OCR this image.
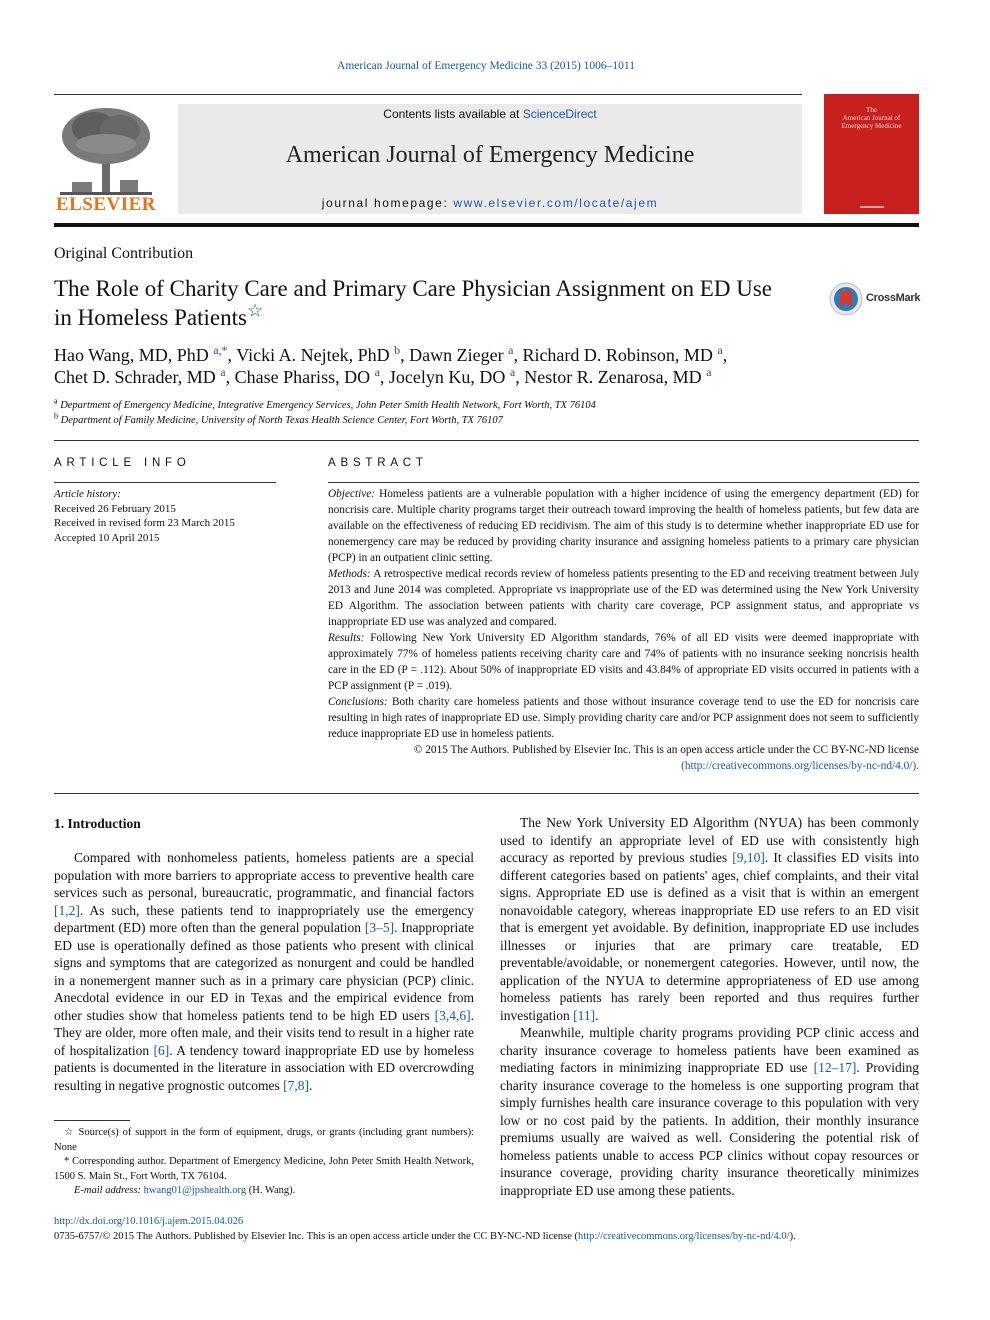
American Journal of Emergency Medicine 33 (2015) 1006–1011
ELSEVIER
Contents lists available at ScienceDirect
American Journal of Emergency Medicine
journal homepage: www.elsevier.com/locate/ajem
The
American Journal of
Emergency Medicine
Original Contribution
The Role of Charity Care and Primary Care Physician Assignment on ED Use in Homeless Patients☆
CrossMark
Hao Wang, MD, PhD $^{a,*}$, Vicki A. Nejtek, PhD $^b$, Dawn Zieger $^a$, Richard D. Robinson, MD $^a$,
Chet D. Schrader, MD $^a$, Chase Phariss, DO $^a$, Jocelyn Ku, DO $^a$, Nestor R. Zenarosa, MD $^a$
$^a$ Department of Emergency Medicine, Integrative Emergency Services, John Peter Smith Health Network, Fort Worth, TX 76104
$^b$ Department of Family Medicine, University of North Texas Health Science Center, Fort Worth, TX 76107
ARTICLE INFO	ABSTRACT
Article history:
Received 26 February 2015
Received in revised form 23 March 2015
Accepted 10 April 2015

Objective: Homeless patients are a vulnerable population with a higher incidence of using the emergency department (ED) for noncrisis care. Multiple charity programs target their outreach toward improving the health of homeless patients, but few data are available on the effectiveness of reducing ED recidivism. The aim of this study is to determine whether inappropriate ED use for nonemergency care may be reduced by providing charity insurance and assigning homeless patients to a primary care physician (PCP) in an outpatient clinic setting.

Methods: A retrospective medical records review of homeless patients presenting to the ED and receiving treatment between July 2013 and June 2014 was completed. Appropriate vs inappropriate use of the ED was determined using the New York University ED Algorithm. The association between patients with charity care coverage, PCP assignment status, and appropriate vs inappropriate ED use was analyzed and compared.

Results: Following New York University ED Algorithm standards, 76% of all ED visits were deemed inappropriate with approximately 77% of homeless patients receiving charity care and 74% of patients with no insurance seeking noncrisis health care in the ED (P = .112). About 50% of inappropriate ED visits and 43.84% of appropriate ED visits occurred in patients with a PCP assignment (P = .019).

Conclusions: Both charity care homeless patients and those without insurance coverage tend to use the ED for noncrisis care resulting in high rates of inappropriate ED use. Simply providing charity care and/or PCP assignment does not seem to sufficiently reduce inappropriate ED use in homeless patients.

© 2015 The Authors. Published by Elsevier Inc. This is an open access article under the CC BY-NC-ND license

(http://creativecommons.org/licenses/by-nc-nd/4.0/).

1. Introduction

Compared with nonhomeless patients, homeless patients are a special population with more barriers to appropriate access to preventive health care services such as personal, bureaucratic, programmatic, and financial factors [1,2]. As such, these patients tend to inappropriately use the emergency department (ED) more often than the general population [3–5]. Inappropriate ED use is operationally defined as those patients who present with clinical signs and symptoms that are categorized as nonurgent and could be handled in a nonemergent manner such as in a primary care physician (PCP) clinic. Anecdotal evidence in our ED in Texas and the empirical evidence from other studies show that homeless patients tend to be high ED users [3,4,6]. They are older, more often male, and their visits tend to result in a higher rate of hospitalization [6]. A tendency toward inappropriate ED use by homeless patients is documented in the literature in association with ED overcrowding resulting in negative prognostic outcomes [7,8].

The New York University ED Algorithm (NYUA) has been commonly used to identify an appropriate level of ED use with consistently high accuracy as reported by previous studies [9,10]. It classifies ED visits into different categories based on patients' ages, chief complaints, and their vital signs. Appropriate ED use is defined as a visit that is within an emergent nonavoidable category, whereas inappropriate ED use refers to an ED visit that is emergent yet avoidable. By definition, inappropriate ED use includes illnesses or injuries that are primary care treatable, ED preventable/avoidable, or nonemergent categories. However, until now, the application of the NYUA to determine appropriateness of ED use among homeless patients has rarely been reported and thus requires further investigation [11].

Meanwhile, multiple charity programs providing PCP clinic access and charity insurance coverage to homeless patients have been examined as mediating factors in minimizing inappropriate ED use [12–17]. Providing charity insurance coverage to the homeless is one supporting program that simply furnishes health care insurance coverage to this population with very low or no cost paid by the patients. In addition, their monthly insurance premiums usually are waived as well. Considering the potential risk of homeless patients unable to access PCP clinics without copay resources or insurance coverage, providing charity insurance theoretically minimizes inappropriate ED use among these patients.

☆ Source(s) of support in the form of equipment, drugs, or grants (including grant numbers): None

* Corresponding author. Department of Emergency Medicine, John Peter Smith Health Network, 1500 S. Main St., Fort Worth, TX 76104.

E-mail address: hwang01@jpshealth.org (H. Wang).

http://dx.doi.org/10.1016/j.ajem.2015.04.026
0735-6757/© 2015 The Authors. Published by Elsevier Inc. This is an open access article under the CC BY-NC-ND license (http://creativecommons.org/licenses/by-nc-nd/4.0/).
